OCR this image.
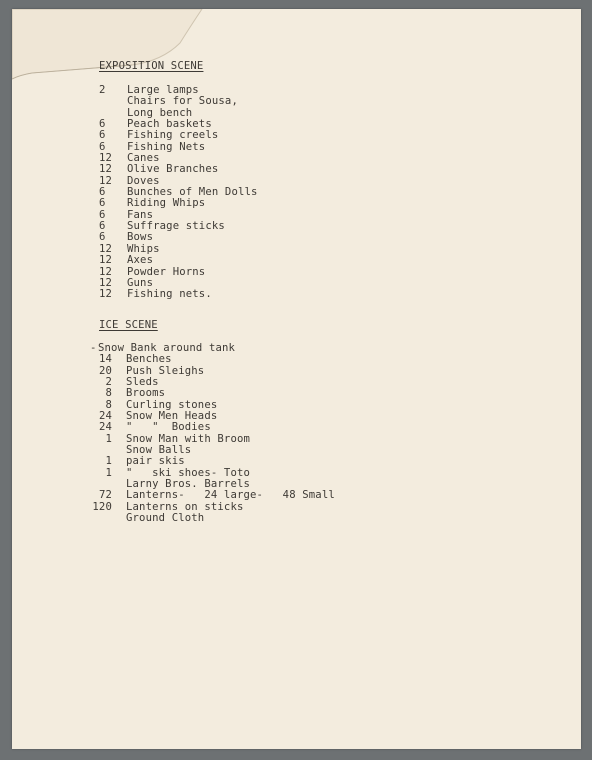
EXPOSITION SCENE
2	Large lamps
Chairs for Sousa,
Long bench
6	Peach baskets
6	Fishing creels
6	Fishing Nets
12	Canes
12	Olive Branches
12	Doves
6	Bunches of Men Dolls
6	Riding Whips
6	Fans
6	Suffrage sticks
6	Bows
12	Whips
12	Axes
12	Powder Horns
12	Guns
12	Fishing nets.
ICE SCENE
- Snow Bank around tank
14 Benches
20 Push Sleighs
2 Sleds
8 Brooms
8 Curling stones
24 Snow Men Heads
24 "   "  Bodies
1 Snow Man with Broom
Snow Balls
1 pair skis
1 "   ski shoes- Toto
Larny Bros. Barrels
72 Lanterns-   24 large-   48 Small
120 Lanterns on sticks
Ground Cloth
